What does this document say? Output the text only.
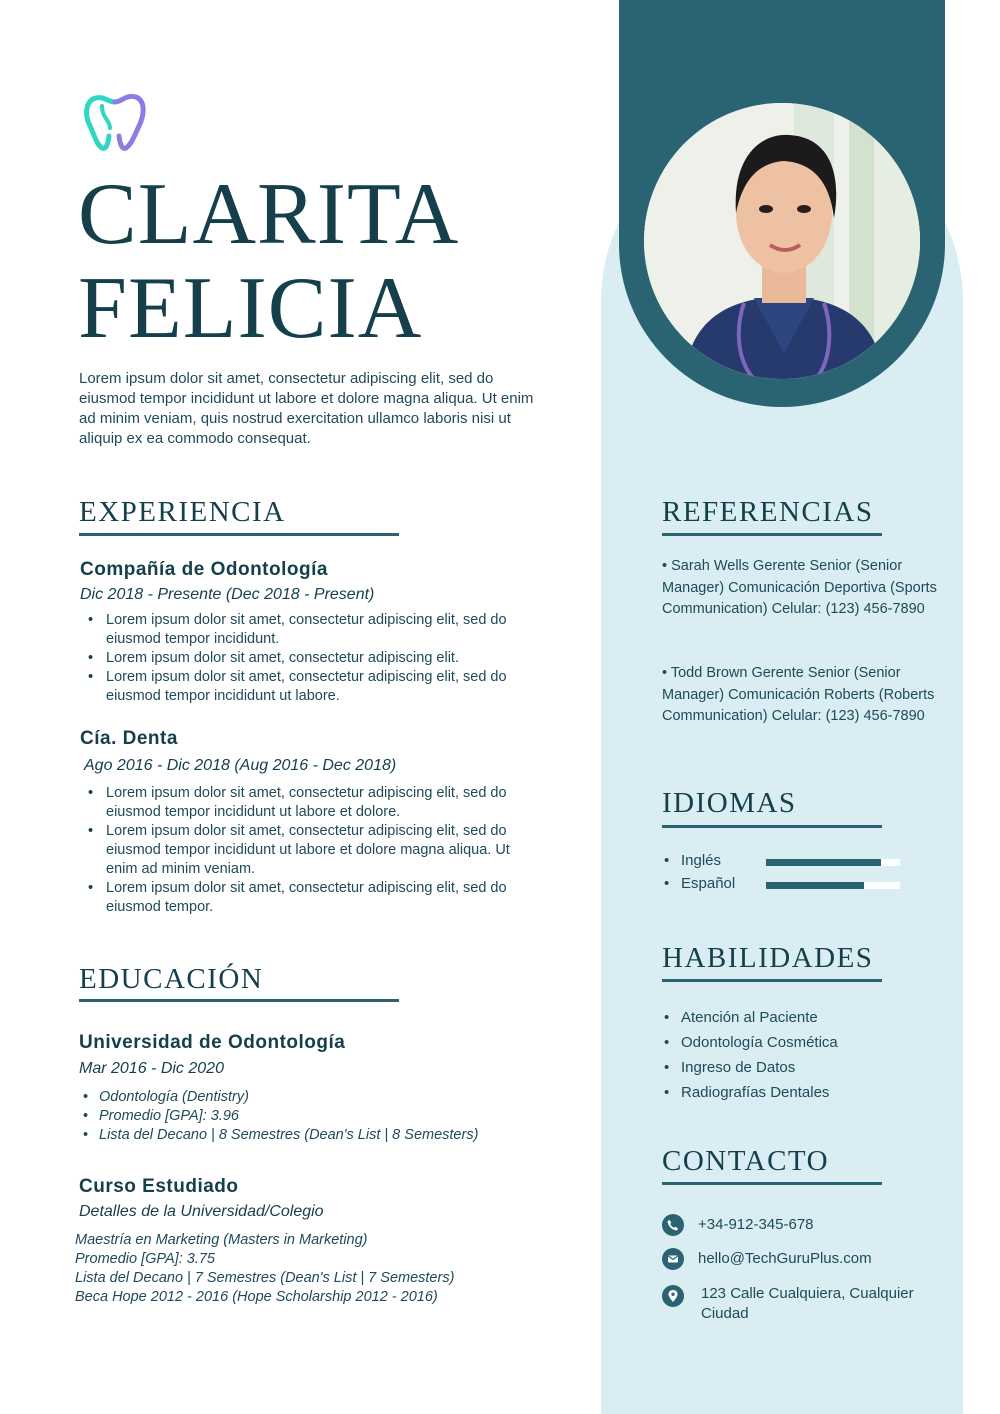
CLARITA
FELICIA

Lorem ipsum dolor sit amet, consectetur adipiscing elit, sed do eiusmod tempor incididunt ut labore et dolore magna aliqua. Ut enim ad minim veniam, quis nostrud exercitation ullamco laboris nisi ut aliquip ex ea commodo consequat.

EXPERIENCIA
Compañía de Odontología
Dic 2018 - Presente (Dec 2018 - Present)
• Lorem ipsum dolor sit amet, consectetur adipiscing elit, sed do eiusmod tempor incididunt.
• Lorem ipsum dolor sit amet, consectetur adipiscing elit.
• Lorem ipsum dolor sit amet, consectetur adipiscing elit, sed do eiusmod tempor incididunt ut labore.
Cía. Denta
Ago 2016 - Dic 2018 (Aug 2016 - Dec 2018)
• Lorem ipsum dolor sit amet, consectetur adipiscing elit, sed do eiusmod tempor incididunt ut labore et dolore.
• Lorem ipsum dolor sit amet, consectetur adipiscing elit, sed do eiusmod tempor incididunt ut labore et dolore magna aliqua. Ut enim ad minim veniam.
• Lorem ipsum dolor sit amet, consectetur adipiscing elit, sed do eiusmod tempor.
EDUCACIÓN
Universidad de Odontología
Mar 2016 - Dic 2020
• Odontología (Dentistry)
• Promedio [GPA]: 3.96
• Lista del Decano | 8 Semestres (Dean's List | 8 Semesters)
Curso Estudiado
Detalles de la Universidad/Colegio
Maestría en Marketing (Masters in Marketing)
Promedio [GPA]: 3.75
Lista del Decano | 7 Semestres (Dean's List | 7 Semesters)
Beca Hope 2012 - 2016 (Hope Scholarship 2012 - 2016)
REFERENCIAS

• Sarah Wells Gerente Senior (Senior Manager) Comunicación Deportiva (Sports Communication) Celular: (123) 456-7890

• Todd Brown Gerente Senior (Senior Manager) Comunicación Roberts (Roberts Communication) Celular: (123) 456-7890

IDIOMAS
• Inglés
• Español
HABILIDADES
• Atención al Paciente
• Odontología Cosmética
• Ingreso de Datos
• Radiografías Dentales
CONTACTO
+34-912-345-678
hello@TechGuruPlus.com
123 Calle Cualquiera, Cualquier Ciudad
